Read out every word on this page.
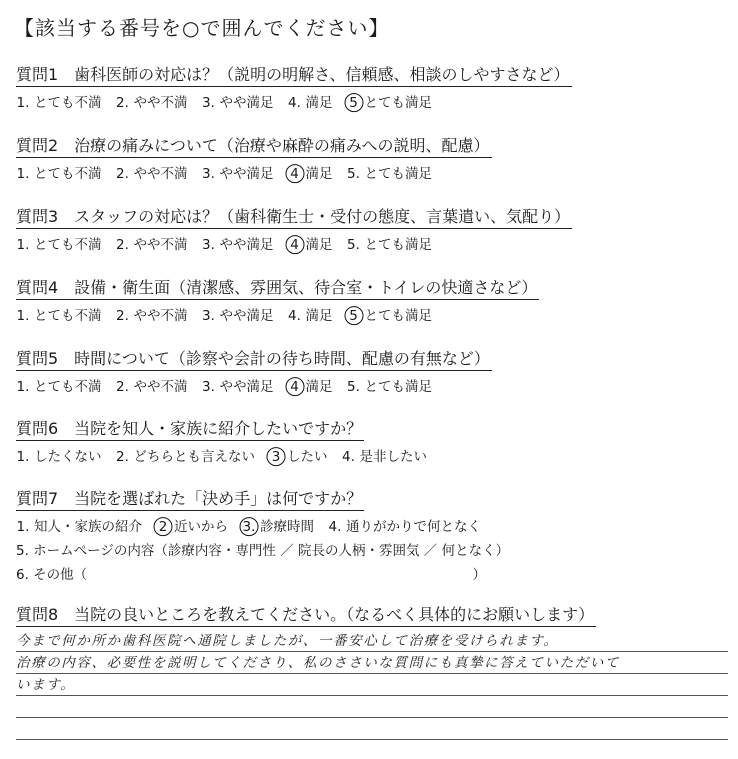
【該当する番号を○で囲んでください】
質問1　歯科医師の対応は？（説明の明解さ、信頼感、相談のしやすさなど）
1. とても不満 2. やや不満 3. やや満足 4. 満足 5 とても満足
質問2　治療の痛みについて（治療や麻酔の痛みへの説明、配慮）
1. とても不満 2. やや不満 3. やや満足 4 満足 5. とても満足
質問3　スタッフの対応は？（歯科衛生士・受付の態度、言葉遣い、気配り）
1. とても不満 2. やや不満 3. やや満足 4 満足 5. とても満足
質問4　設備・衛生面（清潔感、雰囲気、待合室・トイレの快適さなど）
1. とても不満 2. やや不満 3. やや満足 4. 満足 5 とても満足
質問5　時間について（診察や会計の待ち時間、配慮の有無など）
1. とても不満 2. やや不満 3. やや満足 4 満足 5. とても満足
質問6　当院を知人・家族に紹介したいですか？
1. したくない 2. どちらとも言えない 3 したい 4. 是非したい
質問7　当院を選ばれた「決め手」は何ですか？
1. 知人・家族の紹介 2 近いから 3. 診療時間 4. 通りがかりで何となく
5. ホームページの内容（診療内容・専門性 ／ 院長の人柄・雰囲気 ／ 何となく）
6. その他（	）
質問8　当院の良いところを教えてください。（なるべく具体的にお願いします）
今まで何か所か歯科医院へ通院しましたが、一番安心して治療を受けられます。
治療の内容、必要性を説明してくださり、私のささいな質問にも真摯に答えていただいて
います。
